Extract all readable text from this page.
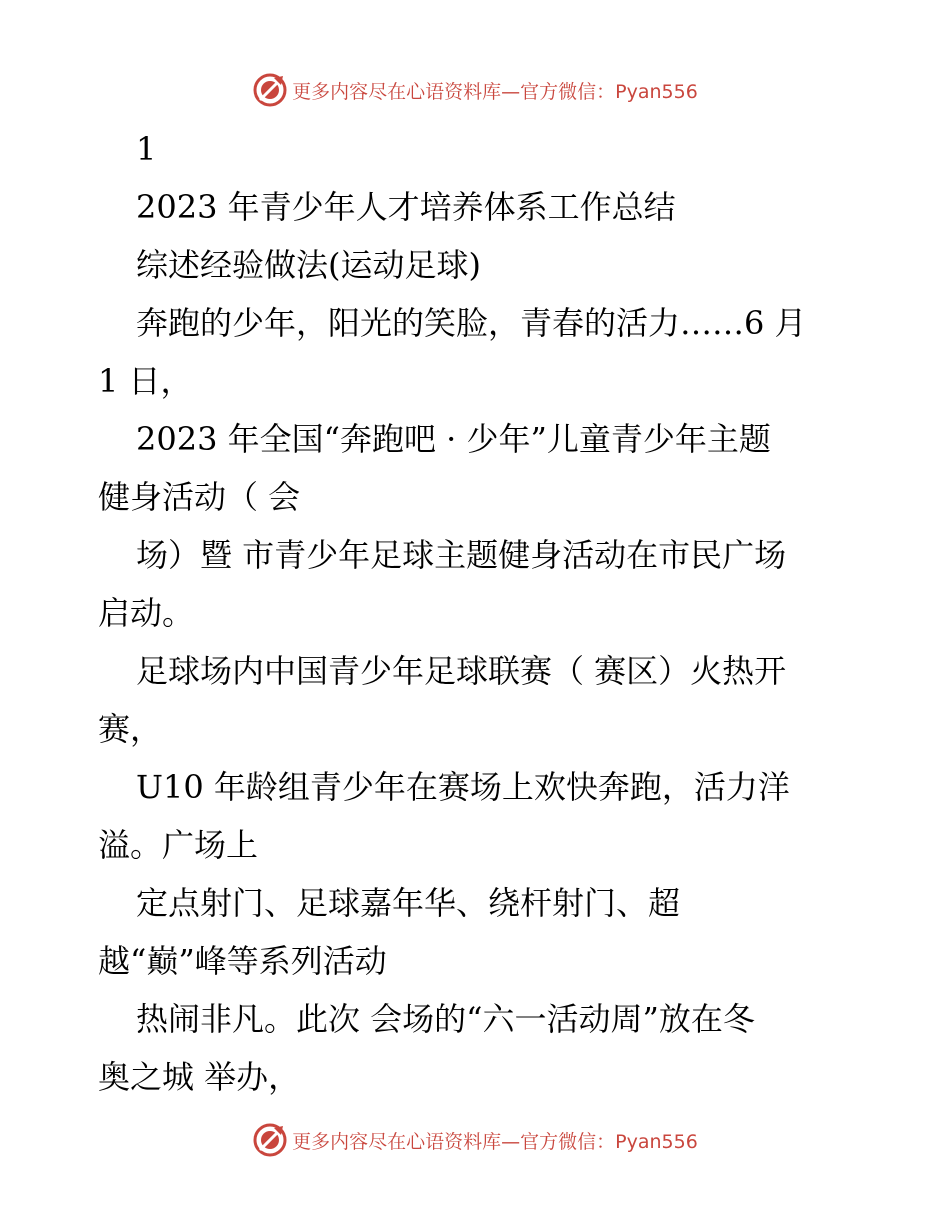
更多内容尽在心语资料库—官方微信：Pyan556
1
2023 年青少年人才培养体系工作总结
综述经验做法(运动足球)
奔跑的少年，阳光的笑脸，青春的活力……6 月
1 日，
2023 年全国“奔跑吧 · 少年”儿童青少年主题
健身活动（ 会
场）暨 市青少年足球主题健身活动在市民广场
启动。
足球场内中国青少年足球联赛（ 赛区）火热开
赛，
U10 年龄组青少年在赛场上欢快奔跑，活力洋
溢。广场上
定点射门、足球嘉年华、绕杆射门、超
越“巅”峰等系列活动
热闹非凡。此次 会场的“六一活动周”放在冬
奥之城 举办，
更多内容尽在心语资料库—官方微信：Pyan556
